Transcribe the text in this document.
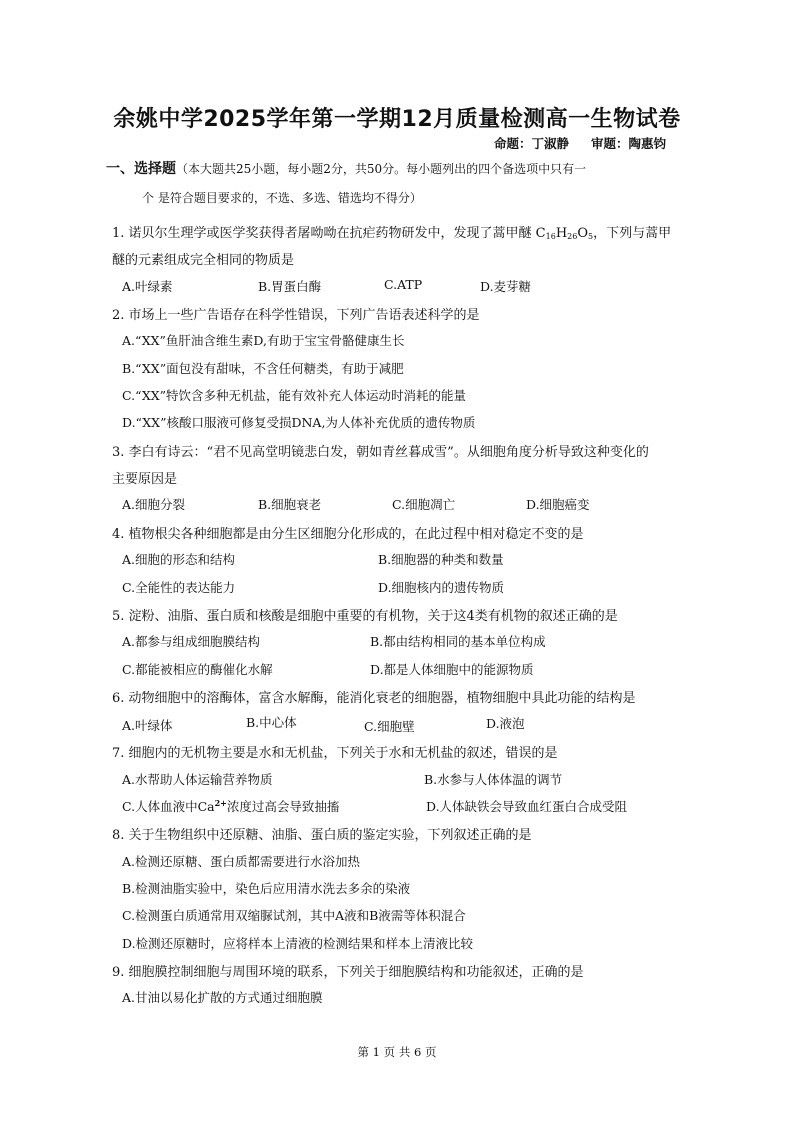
余姚中学2025学年第一学期12月质量检测高一生物试卷
命题：丁淑静 审题：陶惠钧
一、选择题（本大题共25小题，每小题2分，共50分。每小题列出的四个备选项中只有一
个 是符合题目要求的，不选、多选、错选均不得分）
1. 诺贝尔生理学或医学奖获得者屠呦呦在抗疟药物研发中，发现了蒿甲醚 $C_{16}H_{26}O_5$，下列与蒿甲
醚的元素组成完全相同的物质是
A.叶绿素	B.胃蛋白酶	C.ATP	D.麦芽糖
2. 市场上一些广告语存在科学性错误，下列广告语表述科学的是
A.“XX”鱼肝油含维生素D,有助于宝宝骨骼健康生长
B.“XX”面包没有甜味，不含任何糖类，有助于减肥
C.“XX”特饮含多种无机盐，能有效补充人体运动时消耗的能量
D.“XX”核酸口服液可修复受损DNA,为人体补充优质的遗传物质
3. 李白有诗云：“君不见高堂明镜悲白发，朝如青丝暮成雪”。从细胞角度分析导致这种变化的
主要原因是
A.细胞分裂	B.细胞衰老	C.细胞凋亡	D.细胞癌变
4. 植物根尖各种细胞都是由分生区细胞分化形成的，在此过程中相对稳定不变的是
A.细胞的形态和结构	B.细胞器的种类和数量
C.全能性的表达能力	D.细胞核内的遗传物质
5. 淀粉、油脂、蛋白质和核酸是细胞中重要的有机物，关于这4类有机物的叙述正确的是
A.都参与组成细胞膜结构	B.都由结构相同的基本单位构成
C.都能被相应的酶催化水解	D.都是人体细胞中的能源物质
6. 动物细胞中的溶酶体，富含水解酶，能消化衰老的细胞器，植物细胞中具此功能的结构是
A.叶绿体	B.中心体	C.细胞壁	D.液泡
7. 细胞内的无机物主要是水和无机盐，下列关于水和无机盐的叙述，错误的是
A.水帮助人体运输营养物质	B.水参与人体体温的调节
C.人体血液中$Ca^{2+}$浓度过高会导致抽搐	D.人体缺铁会导致血红蛋白合成受阻
8. 关于生物组织中还原糖、油脂、蛋白质的鉴定实验，下列叙述正确的是
A.检测还原糖、蛋白质都需要进行水浴加热
B.检测油脂实验中，染色后应用清水洗去多余的染液
C.检测蛋白质通常用双缩脲试剂，其中A液和B液需等体积混合
D.检测还原糖时，应将样本上清液的检测结果和样本上清液比较
9. 细胞膜控制细胞与周围环境的联系，下列关于细胞膜结构和功能叙述，正确的是
A.甘油以易化扩散的方式通过细胞膜
第 1 页 共 6 页
